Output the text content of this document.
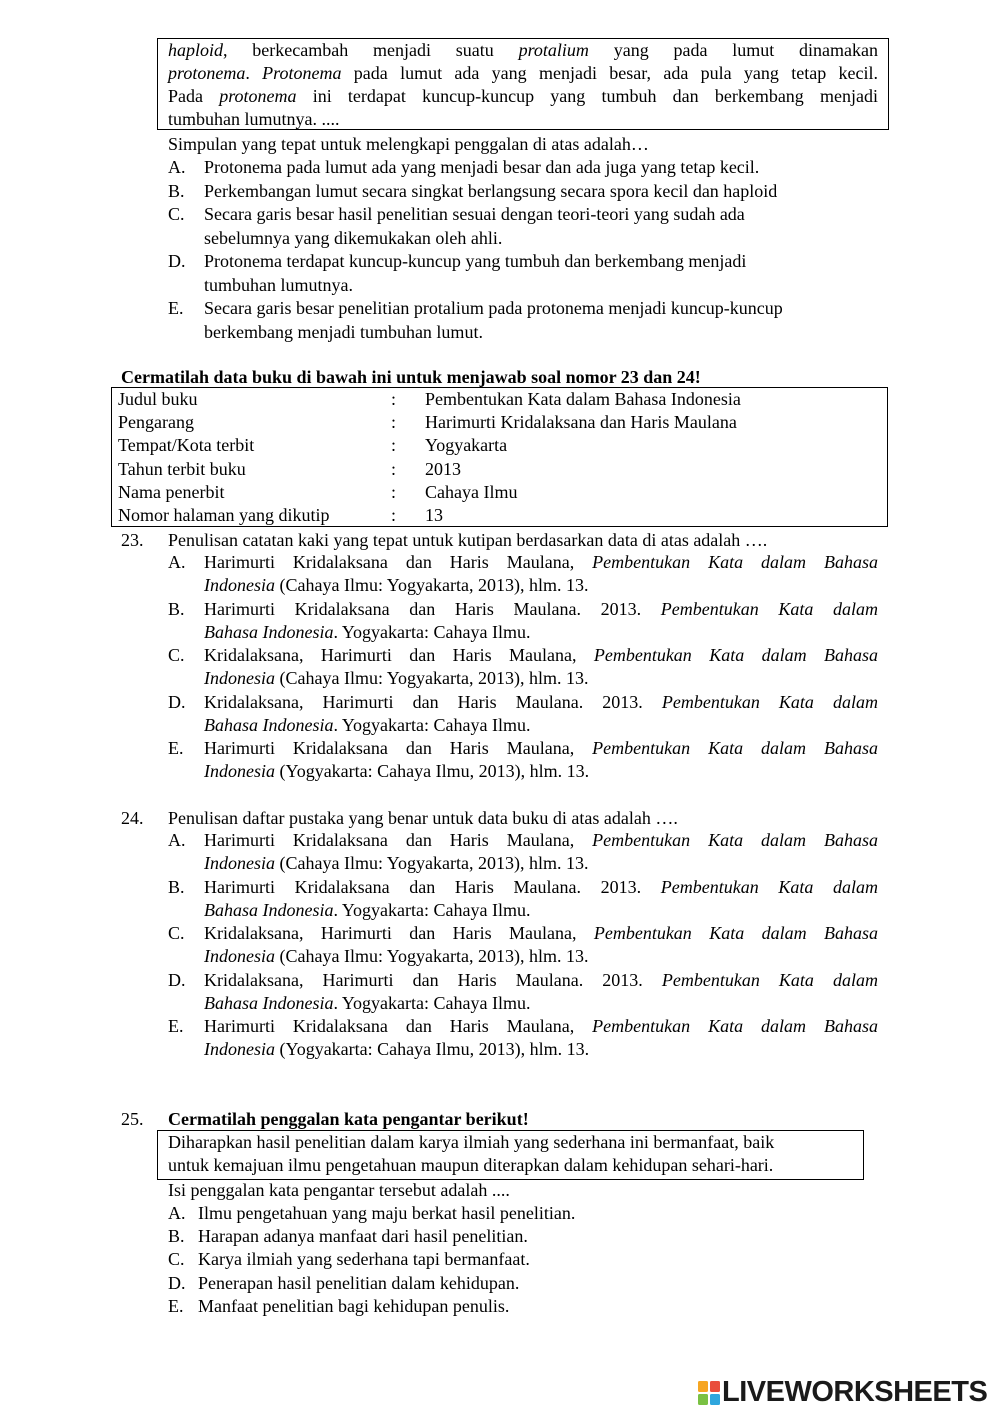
haploid, berkecambah menjadi suatu protalium yang pada lumut dinamakan
protonema. Protonema pada lumut ada yang menjadi besar, ada pula yang tetap kecil.
Pada protonema ini terdapat kuncup-kuncup yang tumbuh dan berkembang menjadi
tumbuhan lumutnya. ....
Simpulan yang tepat untuk melengkapi penggalan di atas adalah…
A. Protonema pada lumut ada yang menjadi besar dan ada juga yang tetap kecil.
B. Perkembangan lumut secara singkat berlangsung secara spora kecil dan haploid
C. Secara garis besar hasil penelitian sesuai dengan teori-teori yang sudah ada
sebelumnya yang dikemukakan oleh ahli.
D. Protonema terdapat kuncup-kuncup yang tumbuh dan berkembang menjadi
tumbuhan lumutnya.
E. Secara garis besar penelitian protalium pada protonema menjadi kuncup-kuncup
berkembang menjadi tumbuhan lumut.
Cermatilah data buku di bawah ini untuk menjawab soal nomor 23 dan 24!
Judul buku	: Pembentukan Kata dalam Bahasa Indonesia
Pengarang	: Harimurti Kridalaksana dan Haris Maulana
Tempat/Kota terbit	: Yogyakarta
Tahun terbit buku	: 2013
Nama penerbit	: Cahaya Ilmu
Nomor halaman yang dikutip	: 13
23. Penulisan catatan kaki yang tepat untuk kutipan berdasarkan data di atas adalah ….
A. Harimurti Kridalaksana dan Haris Maulana, Pembentukan Kata dalam Bahasa
Indonesia (Cahaya Ilmu: Yogyakarta, 2013), hlm. 13.
B. Harimurti Kridalaksana dan Haris Maulana. 2013. Pembentukan Kata dalam
Bahasa Indonesia. Yogyakarta: Cahaya Ilmu.
C. Kridalaksana, Harimurti dan Haris Maulana, Pembentukan Kata dalam Bahasa
Indonesia (Cahaya Ilmu: Yogyakarta, 2013), hlm. 13.
D. Kridalaksana, Harimurti dan Haris Maulana. 2013. Pembentukan Kata dalam
Bahasa Indonesia. Yogyakarta: Cahaya Ilmu.
E. Harimurti Kridalaksana dan Haris Maulana, Pembentukan Kata dalam Bahasa
Indonesia (Yogyakarta: Cahaya Ilmu, 2013), hlm. 13.
24. Penulisan daftar pustaka yang benar untuk data buku di atas adalah ….
A. Harimurti Kridalaksana dan Haris Maulana, Pembentukan Kata dalam Bahasa
Indonesia (Cahaya Ilmu: Yogyakarta, 2013), hlm. 13.
B. Harimurti Kridalaksana dan Haris Maulana. 2013. Pembentukan Kata dalam
Bahasa Indonesia. Yogyakarta: Cahaya Ilmu.
C. Kridalaksana, Harimurti dan Haris Maulana, Pembentukan Kata dalam Bahasa
Indonesia (Cahaya Ilmu: Yogyakarta, 2013), hlm. 13.
D. Kridalaksana, Harimurti dan Haris Maulana. 2013. Pembentukan Kata dalam
Bahasa Indonesia. Yogyakarta: Cahaya Ilmu.
E. Harimurti Kridalaksana dan Haris Maulana, Pembentukan Kata dalam Bahasa
Indonesia (Yogyakarta: Cahaya Ilmu, 2013), hlm. 13.
25. Cermatilah penggalan kata pengantar berikut!
Diharapkan hasil penelitian dalam karya ilmiah yang sederhana ini bermanfaat, baik
untuk kemajuan ilmu pengetahuan maupun diterapkan dalam kehidupan sehari-hari.
Isi penggalan kata pengantar tersebut adalah ....
A. Ilmu pengetahuan yang maju berkat hasil penelitian.
B. Harapan adanya manfaat dari hasil penelitian.
C. Karya ilmiah yang sederhana tapi bermanfaat.
D. Penerapan hasil penelitian dalam kehidupan.
E. Manfaat penelitian bagi kehidupan penulis.
LIVEWORKSHEETS
